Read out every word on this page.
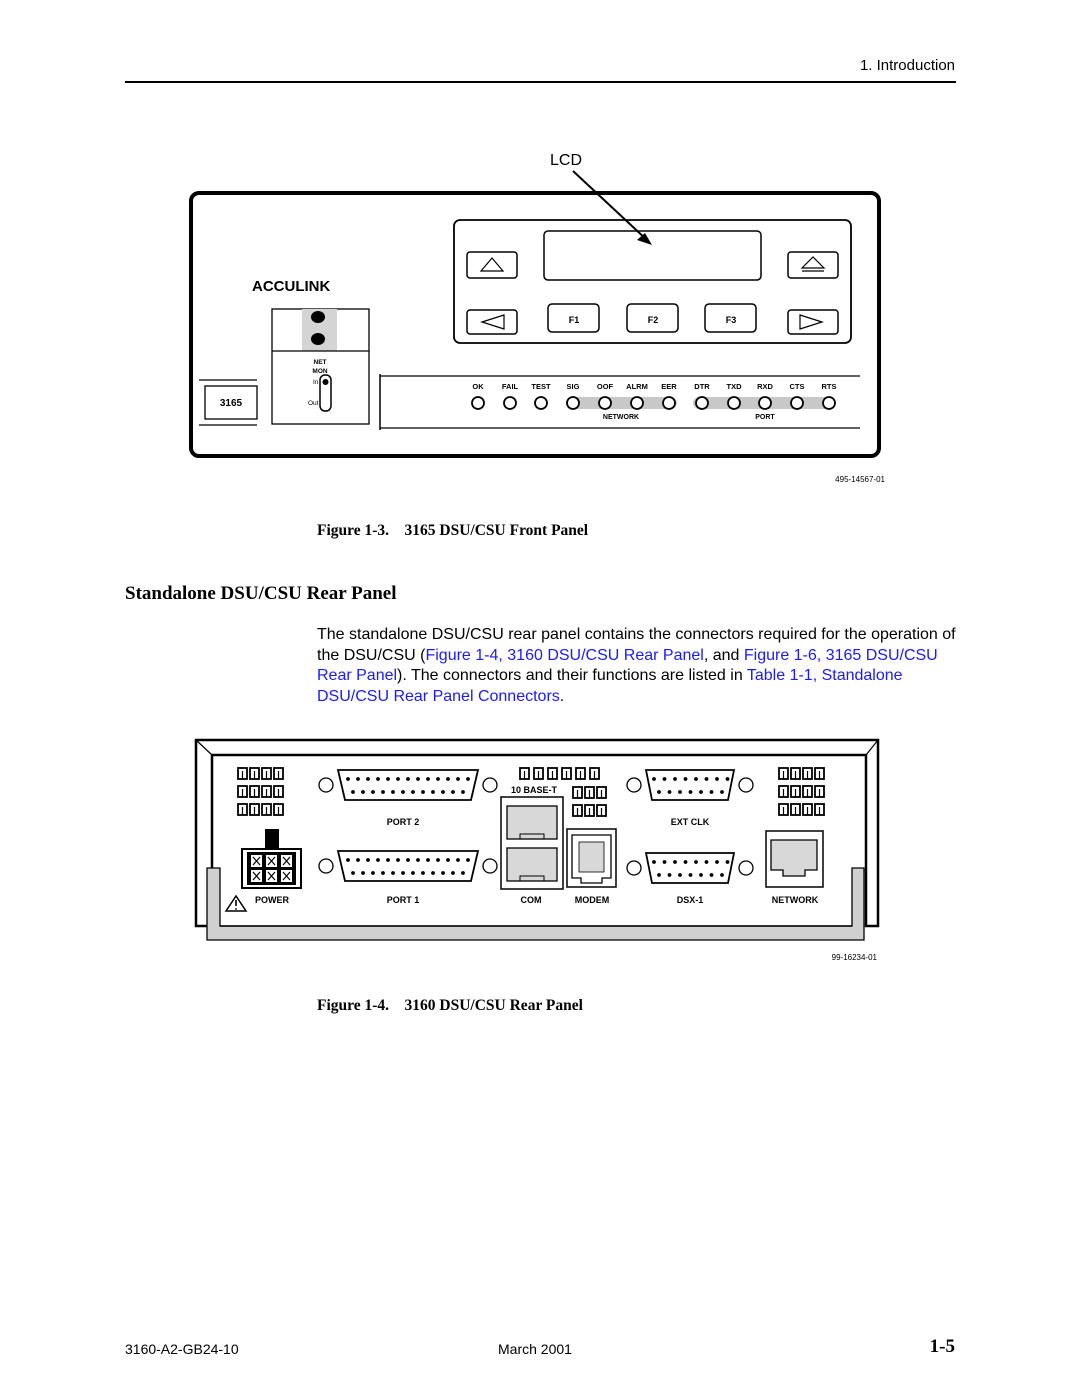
1. Introduction
LCD
F1	F2	F3
ACCULINK
NET
MON
In
Out
3165
OK FAIL TEST SIG OOF ALRM EER DTR TXD RXD CTS RTS
NETWORK	PORT
495-14567-01
Figure 1-3. 3165 DSU/CSU Front Panel
Standalone DSU/CSU Rear Panel
The standalone DSU/CSU rear panel contains the connectors required for the operation of the DSU/CSU (Figure 1-4, 3160 DSU/CSU Rear Panel, and Figure 1-6, 3165 DSU/CSU Rear Panel). The connectors and their functions are listed in Table 1-1, Standalone DSU/CSU Rear Panel Connectors.
PORT 2
PORT 1
10 BASE-T
COM	MODEM
EXT CLK
DSX-1	NETWORK
POWER
99-16234-01
Figure 1-4. 3160 DSU/CSU Rear Panel
3160-A2-GB24-10	March 2001	1-5
